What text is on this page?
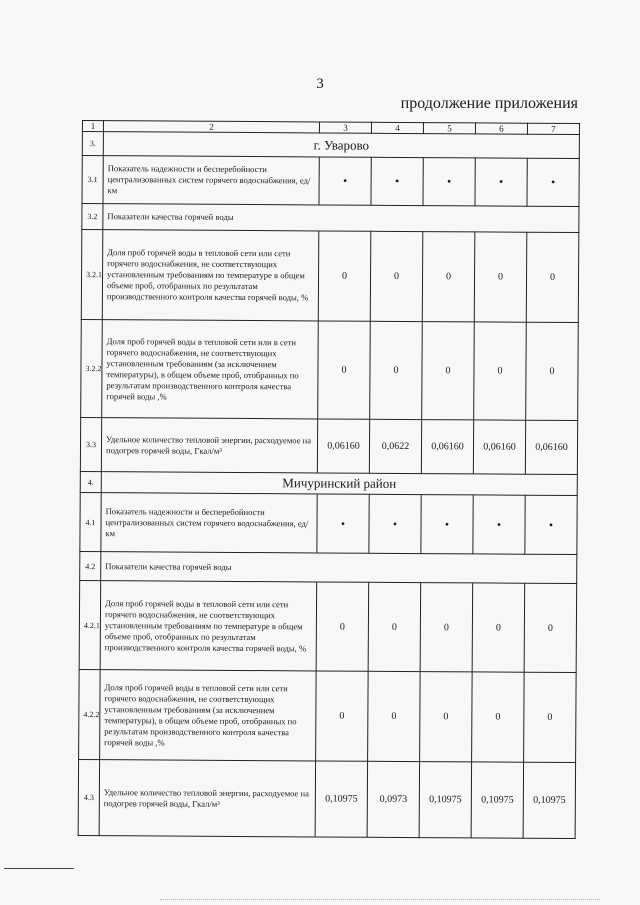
3
продолжение приложения
1	2	3	4	5	6	7
3.	г. Уварово					
3.1	Показатель надежности и бесперебойности централизованных систем горячего водоснабжения, ед/км	•	•	•	•	•
3.2	Показатели качества горячей воды					
3.2.1	Доля проб горячей воды в тепловой сети или сети горячего водоснабжения, не соответствующих установленным требованиям по температуре в общем объеме проб, отобранных по результатам производственного контроля качества горячей воды, %	0	0	0	0	0
3.2.2	Доля проб горячей воды в тепловой сети или в сети горячего водоснабжения, не соответствующих установленным требованиям (за исключением температуры), в общем объеме проб, отобранных по результатам производственного контроля качества горячей воды ,%	0	0	0	0	0
3.3	Удельное количество тепловой энергии, расходуемое на подогрев горячей воды, Гкал/м³	0,06160	0,0622	0,06160	0,06160	0,06160
4.	Мичуринский район					
4.1	Показатель надежности и бесперебойности централизованных систем горячего водоснабжения, ед/км	•	•	•	•	•
4.2	Показатели качества горячей воды					
4.2.1	Доля проб горячей воды в тепловой сети или сети горячего водоснабжения, не соответствующих установленным требованиям по температуре в общем объеме проб, отобранных по результатам производственного контроля качества горячей воды, %	0	0	0	0	0
4.2.2	Доля проб горячей воды в тепловой сети или сети горячего водоснабжения, не соответствующих установленным требованиям (за исключением температуры), в общем объеме проб, отобранных по результатам производственного контроля качества горячей воды ,%	0	0	0	0	0
4.3	Удельное количество тепловой энергии, расходуемое на подогрев горячей воды, Гкал/м³	0,10975	0,0973	0,10975	0,10975	0,10975
